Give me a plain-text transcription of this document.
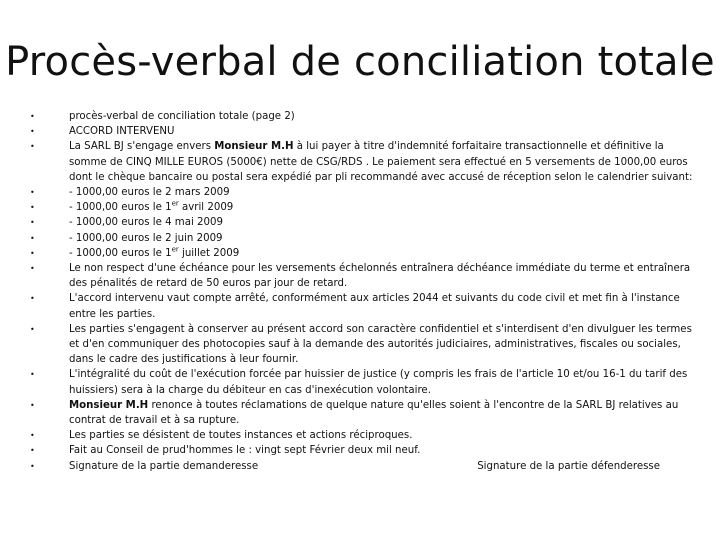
Procès-verbal de conciliation totale
•	procès-verbal de conciliation totale (page 2)
•	ACCORD INTERVENU
•	La SARL BJ s'engage envers Monsieur M.H à lui payer à titre d'indemnité forfaitaire transactionnelle et définitive la somme de CINQ MILLE EUROS (5000€) nette de CSG/RDS . Le paiement sera effectué en 5 versements de 1000,00 euros dont le chèque bancaire ou postal sera expédié par pli recommandé avec accusé de réception selon le calendrier suivant:
•	- 1000,00 euros le 2 mars 2009
•	- 1000,00 euros le 1er avril 2009
•	- 1000,00 euros le 4 mai 2009
•	- 1000,00 euros le 2 juin 2009
•	- 1000,00 euros le 1er juillet 2009
•	Le non respect d'une échéance pour les versements échelonnés entraînera déchéance immédiate du terme et entraînera des pénalités de retard de 50 euros par jour de retard.
•	L'accord intervenu vaut compte arrêté, conformément aux articles 2044 et suivants du code civil et met fin à l'instance entre les parties.
•	Les parties s'engagent à conserver au présent accord son caractère confidentiel et s'interdisent d'en divulguer les termes et d'en communiquer des photocopies sauf à la demande des autorités judiciaires, administratives, fiscales ou sociales, dans le cadre des justifications à leur fournir.
•	L'intégralité du coût de l'exécution forcée par huissier de justice (y compris les frais de l'article 10 et/ou 16-1 du tarif des huissiers) sera à la charge du débiteur en cas d'inexécution volontaire.
•	Monsieur M.H renonce à toutes réclamations de quelque nature qu'elles soient à l'encontre de la SARL BJ relatives au contrat de travail et à sa rupture.
•	Les parties se désistent de toutes instances et actions réciproques.
•	Fait au Conseil de prud'hommes le : vingt sept Février deux mil neuf.
•	Signature de la partie demanderesse	Signature de la partie défenderesse
